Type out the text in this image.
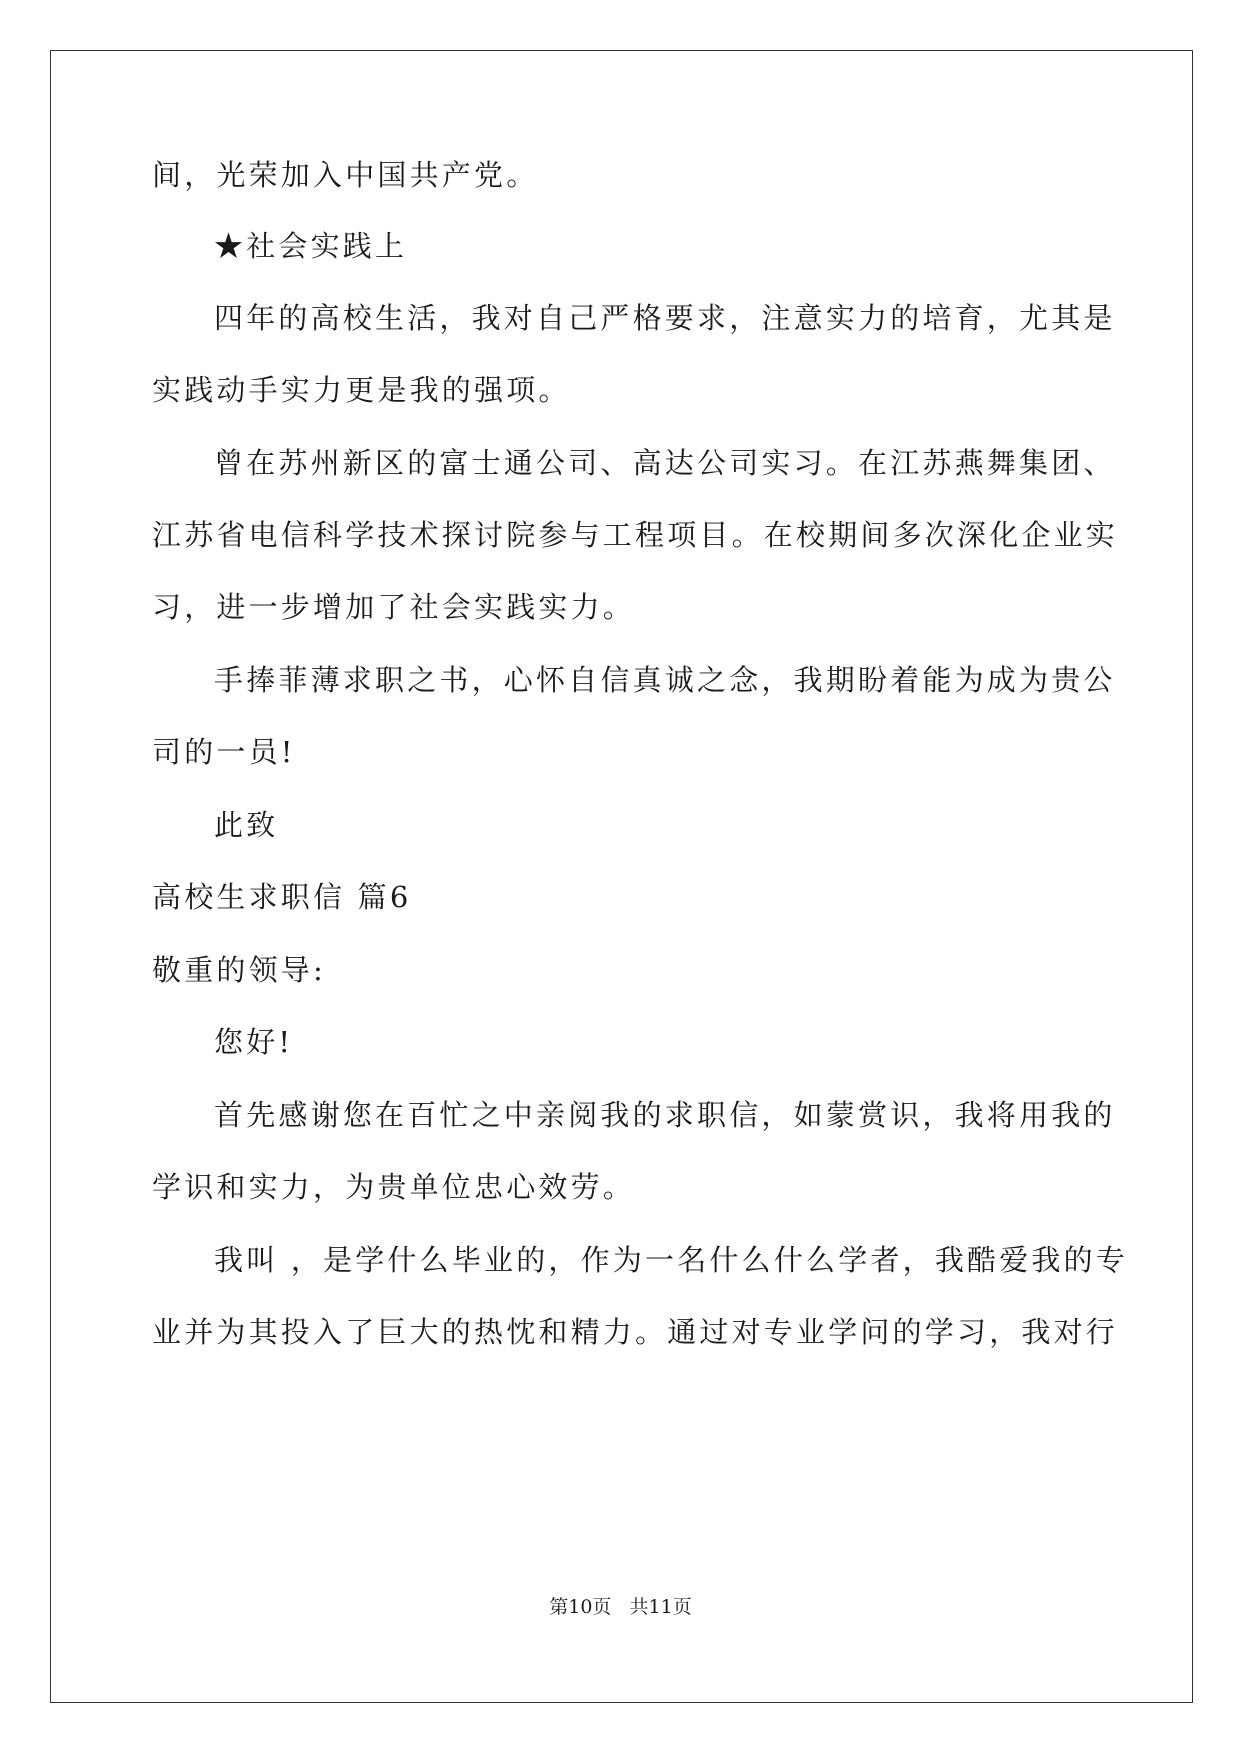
间，光荣加入中国共产党。
★社会实践上
四年的高校生活，我对自己严格要求，注意实力的培育，尤其是
实践动手实力更是我的强项。
曾在苏州新区的富士通公司、高达公司实习。在江苏燕舞集团、
江苏省电信科学技术探讨院参与工程项目。在校期间多次深化企业实
习，进一步增加了社会实践实力。
手捧菲薄求职之书，心怀自信真诚之念，我期盼着能为成为贵公
司的一员!
此致
高校生求职信 篇6
敬重的领导:
您好!
首先感谢您在百忙之中亲阅我的求职信，如蒙赏识，我将用我的
学识和实力，为贵单位忠心效劳。
我叫 ，是学什么毕业的，作为一名什么什么学者，我酷爱我的专
业并为其投入了巨大的热忱和精力。通过对专业学问的学习，我对行
第10页   共11页
